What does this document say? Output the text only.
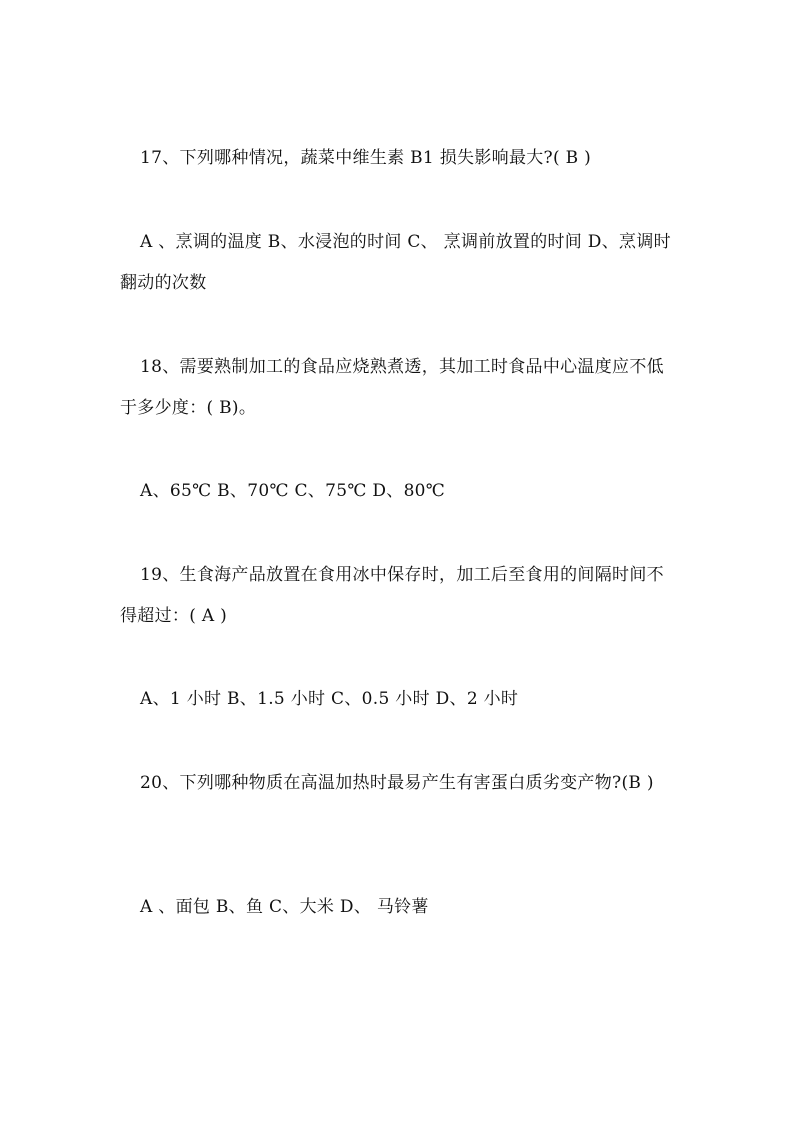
17、下列哪种情况，蔬菜中维生素 B1 损失影响最大?( B )
A 、烹调的温度 B、水浸泡的时间 C、 烹调前放置的时间 D、烹调时翻动的次数
18、需要熟制加工的食品应烧熟煮透，其加工时食品中心温度应不低于多少度：( B)。
A、65℃ B、70℃ C、75℃ D、80℃
19、生食海产品放置在食用冰中保存时，加工后至食用的间隔时间不得超过：( A )
A、1 小时 B、1.5 小时 C、0.5 小时 D、2 小时
20、下列哪种物质在高温加热时最易产生有害蛋白质劣变产物?(B )
A 、面包 B、鱼 C、大米 D、 马铃薯
